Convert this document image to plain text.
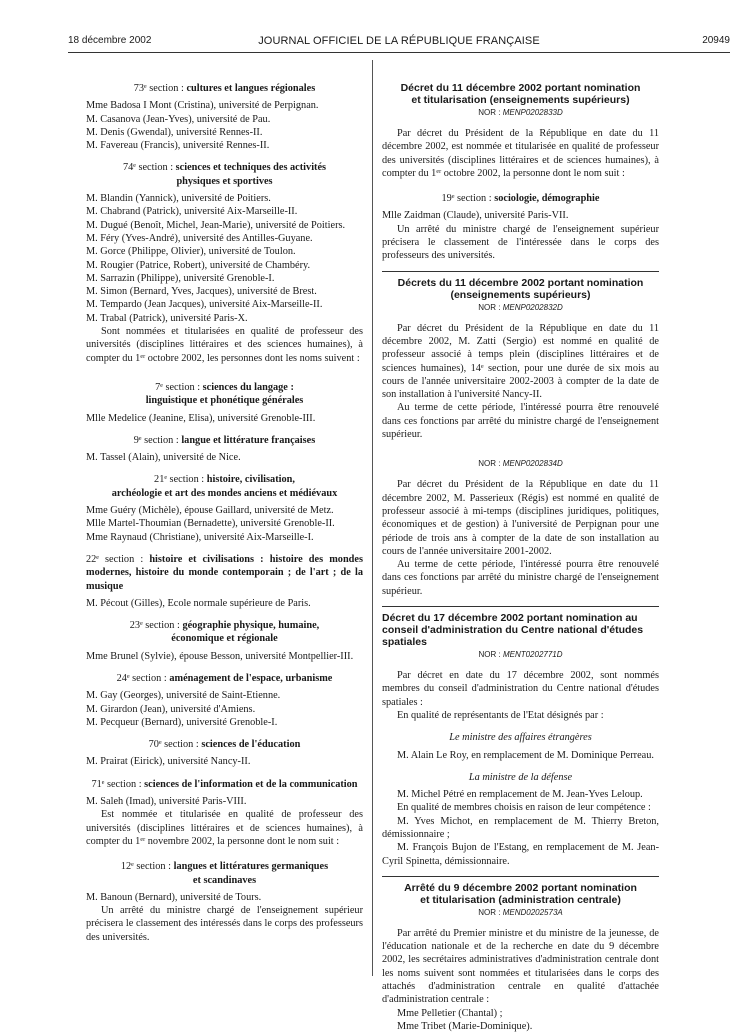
18 décembre 2002	JOURNAL OFFICIEL DE LA RÉPUBLIQUE FRANÇAISE	20949

73ᵉ section : cultures et langues régionales

Mme Badosa I Mont (Cristina), université de Perpignan.

M. Casanova (Jean-Yves), université de Pau.

M. Denis (Gwendal), université Rennes-II.

M. Favereau (Francis), université Rennes-II.

74ᵉ section : sciences et techniques des activités

physiques et sportives

M. Blandin (Yannick), université de Poitiers.

M. Chabrand (Patrick), université Aix-Marseille-II.

M. Dugué (Benoît, Michel, Jean-Marie), université de Poitiers.

M. Féry (Yves-André), université des Antilles-Guyane.

M. Gorce (Philippe, Olivier), université de Toulon.

M. Rougier (Patrice, Robert), université de Chambéry.

M. Sarrazin (Philippe), université Grenoble-I.

M. Simon (Bernard, Yves, Jacques), université de Brest.

M. Tempardo (Jean Jacques), université Aix-Marseille-II.

M. Trabal (Patrick), université Paris-X.

Sont nommées et titularisées en qualité de professeur des universités (disciplines littéraires et des sciences humaines), à compter du 1ᵉʳ octobre 2002, les personnes dont les noms suivent :

7ᵉ section : sciences du langage :

linguistique et phonétique générales

Mlle Medelice (Jeanine, Elisa), université Grenoble-III.

9ᵉ section : langue et littérature françaises

M. Tassel (Alain), université de Nice.

21ᵉ section : histoire, civilisation,

archéologie et art des mondes anciens et médiévaux

Mme Guéry (Michèle), épouse Gaillard, université de Metz.

Mlle Martel-Thoumian (Bernadette), université Grenoble-II.

Mme Raynaud (Christiane), université Aix-Marseille-I.

22ᵉ section : histoire et civilisations : histoire des mondes modernes, histoire du monde contemporain ; de l'art ; de la musique

M. Pécout (Gilles), Ecole normale supérieure de Paris.

23ᵉ section : géographie physique, humaine,

économique et régionale

Mme Brunel (Sylvie), épouse Besson, université Montpellier-III.

24ᵉ section : aménagement de l'espace, urbanisme

M. Gay (Georges), université de Saint-Etienne.

M. Girardon (Jean), université d'Amiens.

M. Pecqueur (Bernard), université Grenoble-I.

70ᵉ section : sciences de l'éducation

M. Prairat (Eirick), université Nancy-II.

71ᵉ section : sciences de l'information et de la communication

M. Saleh (Imad), université Paris-VIII.

Est nommée et titularisée en qualité de professeur des universités (disciplines littéraires et de sciences humaines), à compter du 1ᵉʳ novembre 2002, la personne dont le nom suit :

12ᵉ section : langues et littératures germaniques

et scandinaves

M. Banoun (Bernard), université de Tours.

Un arrêté du ministre chargé de l'enseignement supérieur précisera le classement des intéressés dans le corps des professeurs des universités.

Décret du 11 décembre 2002 portant nomination

et titularisation (enseignements supérieurs)

NOR : MENP0202833D

Par décret du Président de la République en date du 11 décembre 2002, est nommée et titularisée en qualité de professeur des universités (disciplines littéraires et de sciences humaines), à compter du 1ᵉʳ octobre 2002, la personne dont le nom suit :

19ᵉ section : sociologie, démographie

Mlle Zaidman (Claude), université Paris-VII.

Un arrêté du ministre chargé de l'enseignement supérieur précisera le classement de l'intéressée dans le corps des professeurs des universités.

Décrets du 11 décembre 2002 portant nomination

(enseignements supérieurs)

NOR : MENP0202832D

Par décret du Président de la République en date du 11 décembre 2002, M. Zatti (Sergio) est nommé en qualité de professeur associé à temps plein (disciplines littéraires et de sciences humaines), 14ᵉ section, pour une durée de six mois au cours de l'année universitaire 2002-2003 à compter de la date de son installation à l'université Nancy-II.

Au terme de cette période, l'intéressé pourra être renouvelé dans ces fonctions par arrêté du ministre chargé de l'enseignement supérieur.

NOR : MENP0202834D

Par décret du Président de la République en date du 11 décembre 2002, M. Passerieux (Régis) est nommé en qualité de professeur associé à mi-temps (disciplines juridiques, politiques, économiques et de gestion) à l'université de Perpignan pour une période de trois ans à compter de la date de son installation au cours de l'année universitaire 2001-2002.

Au terme de cette période, l'intéressé pourra être renouvelé dans ces fonctions par arrêté du ministre chargé de l'enseignement supérieur.

Décret du 17 décembre 2002 portant nomination au conseil d'administration du Centre national d'études spatiales

NOR : MENT0202771D

Par décret en date du 17 décembre 2002, sont nommés membres du conseil d'administration du Centre national d'études spatiales :

En qualité de représentants de l'Etat désignés par :

Le ministre des affaires étrangères

M. Alain Le Roy, en remplacement de M. Dominique Perreau.

La ministre de la défense

M. Michel Pétré en remplacement de M. Jean-Yves Leloup.

En qualité de membres choisis en raison de leur compétence :

M. Yves Michot, en remplacement de M. Thierry Breton, démissionnaire ;

M. François Bujon de l'Estang, en remplacement de M. Jean-Cyril Spinetta, démissionnaire.

Arrêté du 9 décembre 2002 portant nomination

et titularisation (administration centrale)

NOR : MEND0202573A

Par arrêté du Premier ministre et du ministre de la jeunesse, de l'éducation nationale et de la recherche en date du 9 décembre 2002, les secrétaires administratives d'administration centrale dont les noms suivent sont nommées et titularisées dans le corps des attachés d'administration centrale en qualité d'attachée d'administration centrale :

Mme Pelletier (Chantal) ;

Mme Tribet (Marie-Dominique).
